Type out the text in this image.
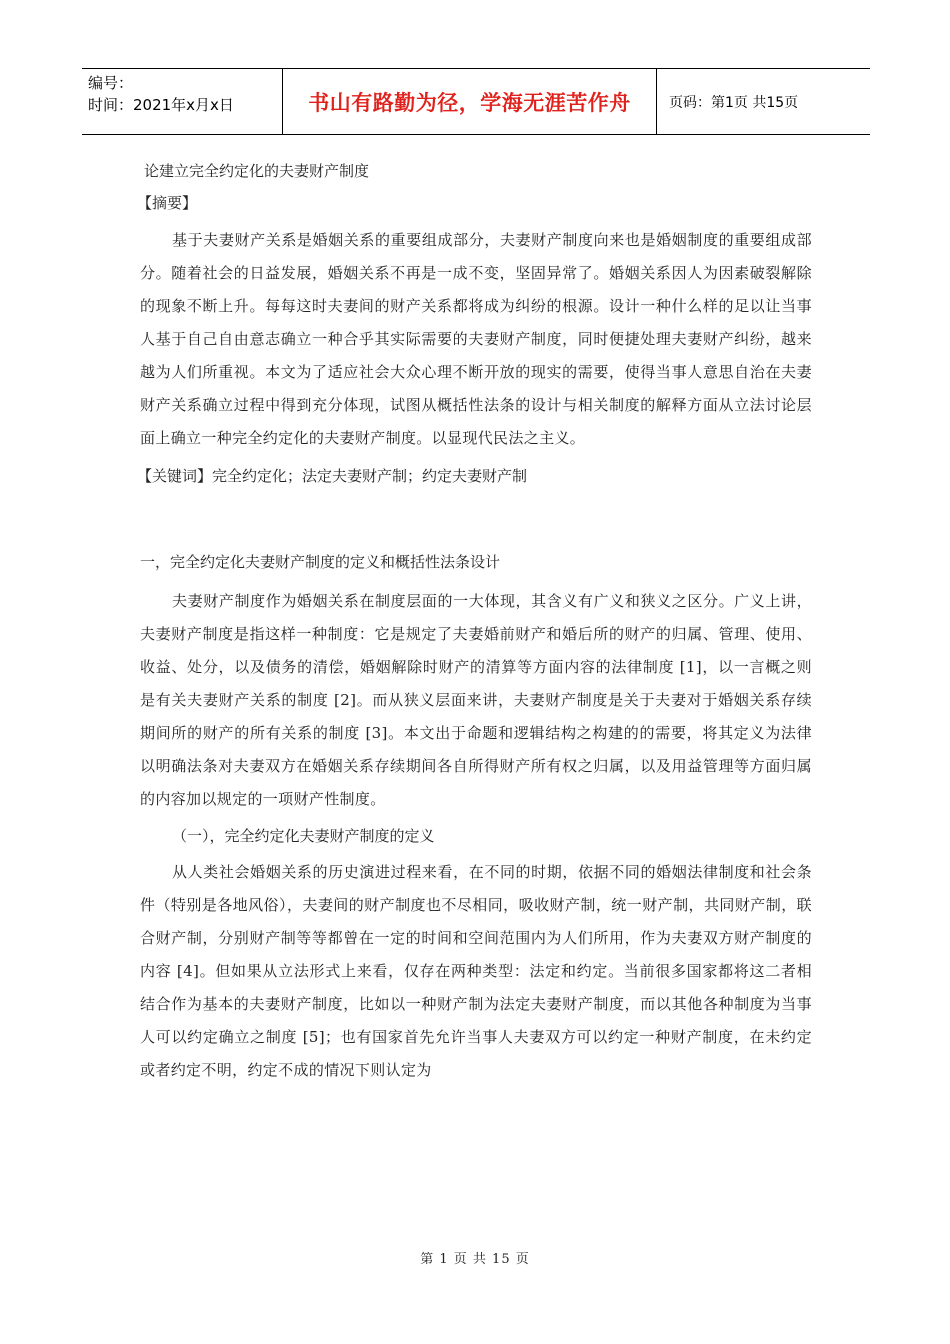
编号：
时间：2021年x月x日	书山有路勤为径，学海无涯苦作舟	页码：第1页 共15页
论建立完全约定化的夫妻财产制度
【摘要】

基于夫妻财产关系是婚姻关系的重要组成部分，夫妻财产制度向来也是婚姻制度的重要组成部分。随着社会的日益发展，婚姻关系不再是一成不变，坚固异常了。婚姻关系因人为因素破裂解除的现象不断上升。每每这时夫妻间的财产关系都将成为纠纷的根源。设计一种什么样的足以让当事人基于自己自由意志确立一种合乎其实际需要的夫妻财产制度，同时便捷处理夫妻财产纠纷，越来越为人们所重视。本文为了适应社会大众心理不断开放的现实的需要，使得当事人意思自治在夫妻财产关系确立过程中得到充分体现，试图从概括性法条的设计与相关制度的解释方面从立法讨论层面上确立一种完全约定化的夫妻财产制度。以显现代民法之主义。

【关键词】完全约定化；法定夫妻财产制；约定夫妻财产制
一，完全约定化夫妻财产制度的定义和概括性法条设计

夫妻财产制度作为婚姻关系在制度层面的一大体现，其含义有广义和狭义之区分。广义上讲，夫妻财产制度是指这样一种制度：它是规定了夫妻婚前财产和婚后所的财产的归属、管理、使用、收益、处分，以及债务的清偿，婚姻解除时财产的清算等方面内容的法律制度 [1]，以一言概之则是有关夫妻财产关系的制度 [2]。而从狭义层面来讲，夫妻财产制度是关于夫妻对于婚姻关系存续期间所的财产的所有关系的制度 [3]。本文出于命题和逻辑结构之构建的的需要，将其定义为法律以明确法条对夫妻双方在婚姻关系存续期间各自所得财产所有权之归属，以及用益管理等方面归属的内容加以规定的一项财产性制度。

（一），完全约定化夫妻财产制度的定义

从人类社会婚姻关系的历史演进过程来看，在不同的时期，依据不同的婚姻法律制度和社会条件（特别是各地风俗），夫妻间的财产制度也不尽相同，吸收财产制，统一财产制，共同财产制，联合财产制，分别财产制等等都曾在一定的时间和空间范围内为人们所用，作为夫妻双方财产制度的内容 [4]。但如果从立法形式上来看，仅存在两种类型：法定和约定。当前很多国家都将这二者相结合作为基本的夫妻财产制度，比如以一种财产制为法定夫妻财产制度，而以其他各种制度为当事人可以约定确立之制度 [5]；也有国家首先允许当事人夫妻双方可以约定一种财产制度，在未约定或者约定不明，约定不成的情况下则认定为

第 1 页 共 15 页
